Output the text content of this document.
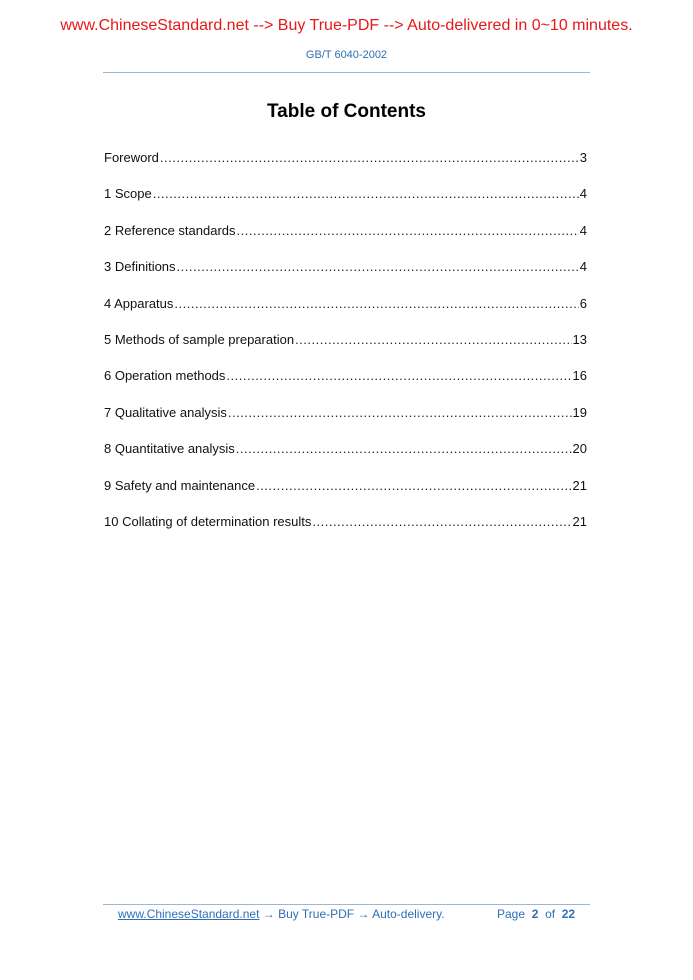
www.ChineseStandard.net --> Buy True-PDF --> Auto-delivered in 0~10 minutes.
GB/T 6040-2002
Table of Contents
Foreword .....	3
1 Scope .....	4
2 Reference standards .....	4
3 Definitions .....	4
4 Apparatus .....	6
5 Methods of sample preparation .....	13
6 Operation methods .....	16
7 Qualitative analysis .....	19
8 Quantitative analysis .....	20
9 Safety and maintenance .....	21
10 Collating of determination results .....	21
www.ChineseStandard.net → Buy True-PDF → Auto-delivery.	Page 2 of 22
